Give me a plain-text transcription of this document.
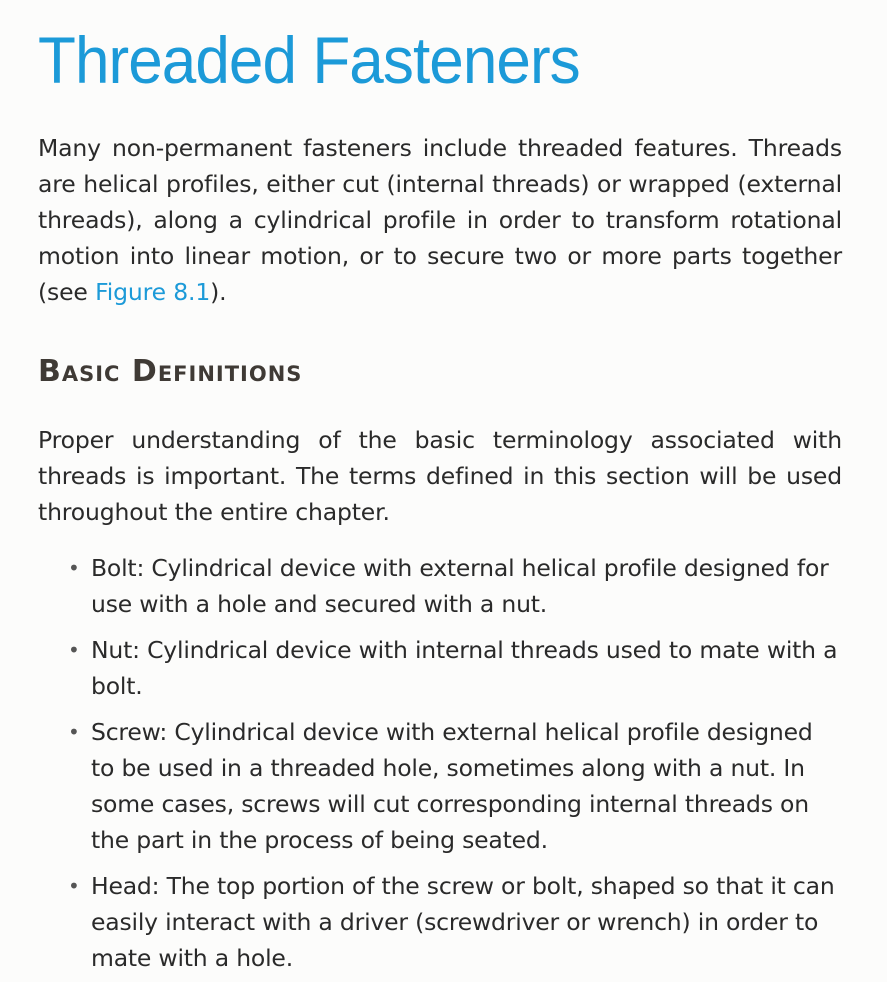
Threaded Fasteners

Many non-permanent fasteners include threaded features. Threads are helical profiles, either cut (internal threads) or wrapped (external threads), along a cylindrical profile in order to transform rotational motion into linear motion, or to secure two or more parts together (see Figure 8.1).

Basic Definitions

Proper understanding of the basic terminology associated with threads is important. The terms defined in this section will be used throughout the entire chapter.

• Bolt: Cylindrical device with external helical profile designed for use with a hole and secured with a nut.
• Nut: Cylindrical device with internal threads used to mate with a bolt.
• Screw: Cylindrical device with external helical profile designed to be used in a threaded hole, sometimes along with a nut. In some cases, screws will cut corresponding internal threads on the part in the process of being seated.
• Head: The top portion of the screw or bolt, shaped so that it can easily interact with a driver (screwdriver or wrench) in order to mate with a hole.
